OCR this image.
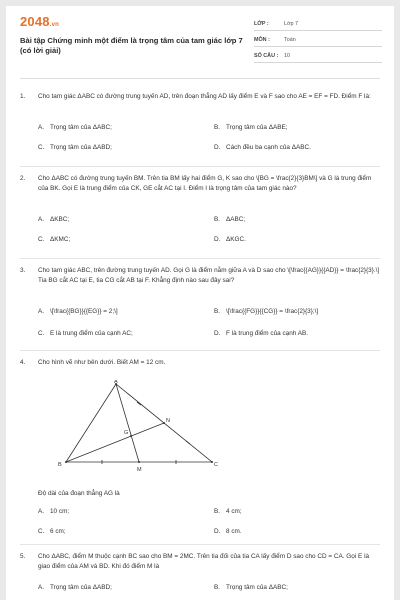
2048.vn
Bài tập Chứng minh một điểm là trọng tâm của tam giác lớp 7 (có lời giải)
LỚP :	Lớp 7
MÔN :	Toán
SỐ CÂU :	10
1.	Cho tam giác ΔABC có đường trung tuyến AD, trên đoạn thẳng AD lấy điểm E và F sao cho AE = EF = FD. Điểm F là:
A. Trọng tâm của ΔABC;	B. Trọng tâm của ΔABE;
C. Trọng tâm của ΔABD;	D. Cách đều ba cạnh của ΔABC.
2.	Cho ΔABC có đường trung tuyến BM. Trên tia BM lấy hai điểm G, K sao cho \[BG = \frac{2}{3}BM\] và G là trung điểm của BK. Gọi E là trung điểm của CK, GE cắt AC tại I. Điểm I là trọng tâm của tam giác nào?
A. ΔKBC;	B. ΔABC;
C. ΔKMC;	D. ΔKGC.
3.	Cho tam giác ABC, trên đường trung tuyến AD. Gọi G là điểm nằm giữa A và D sao cho \[\frac{{AG}}{{AD}} = \frac{2}{3}.\] Tia BG cắt AC tại E, tia CG cắt AB tại F. Khẳng định nào sau đây sai?
A. \[\frac{{BG}}{{EG}} = 2;\]	B. \[\frac{{FG}}{{CG}} = \frac{2}{3};\]
C. E là trung điểm của cạnh AC;	D. F là trung điểm của cạnh AB.
4.	Cho hình vẽ như bên dưới. Biết AM = 12 cm.
A
B	C
M
N
G
Độ dài của đoạn thẳng AG là
A. 10 cm;	B. 4 cm;
C. 6 cm;	D. 8 cm.
5.	Cho ΔABC, điểm M thuộc cạnh BC sao cho BM = 2MC. Trên tia đối của tia CA lấy điểm D sao cho CD = CA. Gọi E là giao điểm của AM và BD. Khi đó điểm M là
A. Trọng tâm của ΔABD;	B. Trọng tâm của ΔABC;
